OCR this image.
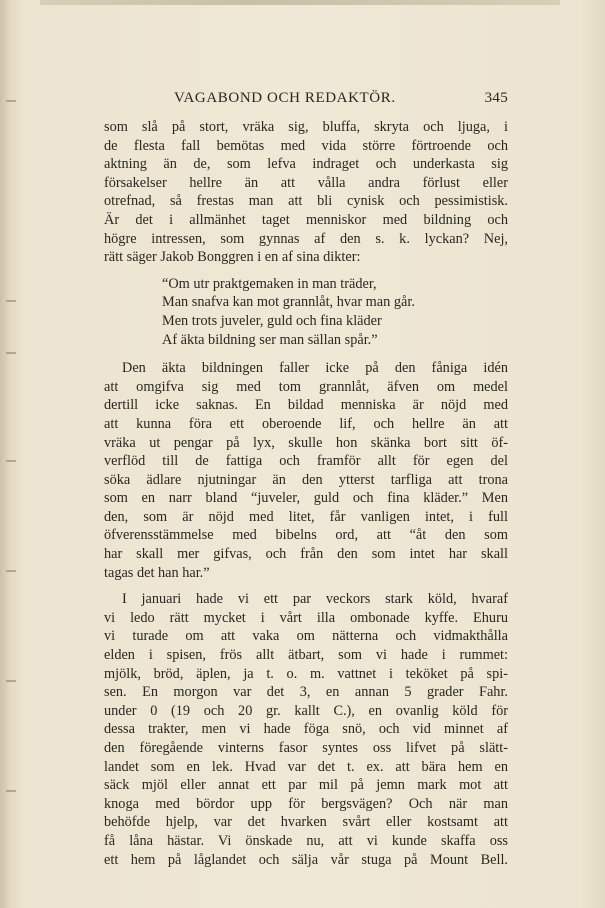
VAGABOND OCH REDAKTÖR.	345

som slå på stort, vräka sig, bluffa, skryta och ljuga, i

de flesta fall bemötas med vida större förtroende och

aktning än de, som lefva indraget och underkasta sig

försakelser hellre än att vålla andra förlust eller

otrefnad, så frestas man att bli cynisk och pessimistisk.

Är det i allmänhet taget menniskor med bildning och

högre intressen, som gynnas af den s. k. lyckan? Nej,

rätt säger Jakob Bonggren i en af sina dikter:

“Om utr praktgemaken in man träder,
Man snafva kan mot grannlåt, hvar man går.
Men trots juveler, guld och fina kläder
Af äkta bildning ser man sällan spår.”

Den äkta bildningen faller icke på den fåniga idén

att omgifva sig med tom grannlåt, äfven om medel

dertill icke saknas. En bildad menniska är nöjd med

att kunna föra ett oberoende lif, och hellre än att

vräka ut pengar på lyx, skulle hon skänka bort sitt öf-

verflöd till de fattiga och framför allt för egen del

söka ädlare njutningar än den ytterst tarfliga att trona

som en narr bland “juveler, guld och fina kläder.” Men

den, som är nöjd med litet, får vanligen intet, i full

öfverensstämmelse med bibelns ord, att “åt den som

har skall mer gifvas, och från den som intet har skall

tagas det han har.”

I januari hade vi ett par veckors stark köld, hvaraf

vi ledo rätt mycket i vårt illa ombonade kyffe. Ehuru

vi turade om att vaka om nätterna och vidmakthålla

elden i spisen, frös allt ätbart, som vi hade i rummet:

mjölk, bröd, äplen, ja t. o. m. vattnet i teköket på spi-

sen. En morgon var det 3, en annan 5 grader Fahr.

under 0 (19 och 20 gr. kallt C.), en ovanlig köld för

dessa trakter, men vi hade föga snö, och vid minnet af

den föregående vinterns fasor syntes oss lifvet på slätt-

landet som en lek. Hvad var det t. ex. att bära hem en

säck mjöl eller annat ett par mil på jemn mark mot att

knoga med bördor upp för bergsvägen? Och när man

behöfde hjelp, var det hvarken svårt eller kostsamt att

få låna hästar. Vi önskade nu, att vi kunde skaffa oss

ett hem på låglandet och sälja vår stuga på Mount Bell.
